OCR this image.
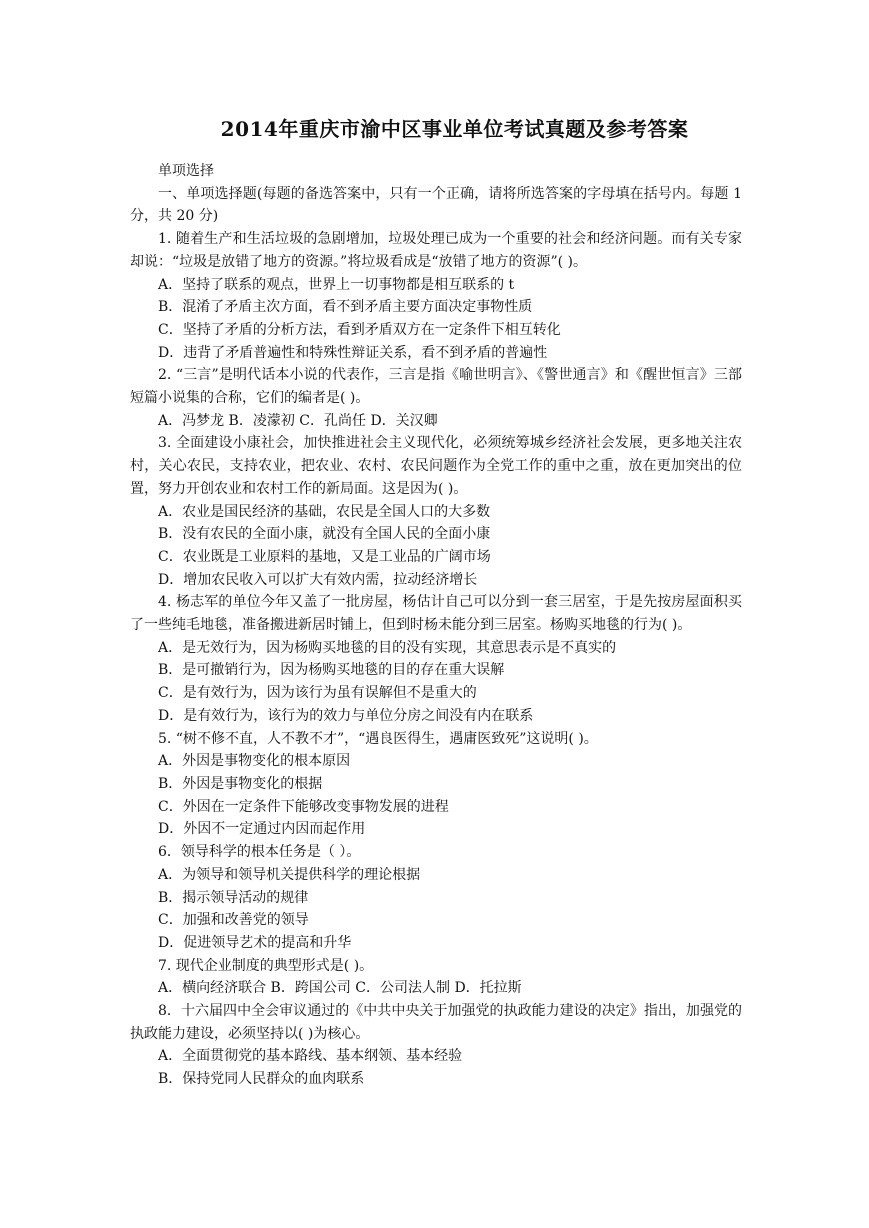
2014年重庆市渝中区事业单位考试真题及参考答案

单项选择

一、单项选择题(每题的备选答案中，只有一个正确，请将所选答案的字母填在括号内。每题 1 分，共 20 分)

1. 随着生产和生活垃圾的急剧增加，垃圾处理已成为一个重要的社会和经济问题。而有关专家却说：“垃圾是放错了地方的资源。”将垃圾看成是“放错了地方的资源”( )。

A．坚持了联系的观点，世界上一切事物都是相互联系的 t

B．混淆了矛盾主次方面，看不到矛盾主要方面决定事物性质

C．坚持了矛盾的分析方法，看到矛盾双方在一定条件下相互转化

D．违背了矛盾普遍性和特殊性辩证关系，看不到矛盾的普遍性

2. “三言”是明代话本小说的代表作，三言是指《喻世明言》、《警世通言》和《醒世恒言》三部短篇小说集的合称，它们的编者是( )。

A．冯梦龙 B．凌濛初 C．孔尚任 D．关汉卿

3. 全面建设小康社会，加快推进社会主义现代化，必须统筹城乡经济社会发展，更多地关注农村，关心农民，支持农业，把农业、农村、农民问题作为全党工作的重中之重，放在更加突出的位置，努力开创农业和农村工作的新局面。这是因为( )。

A．农业是国民经济的基础，农民是全国人口的大多数

B．没有农民的全面小康，就没有全国人民的全面小康

C．农业既是工业原料的基地，又是工业品的广阔市场

D．增加农民收入可以扩大有效内需，拉动经济增长

4. 杨志军的单位今年又盖了一批房屋，杨估计自己可以分到一套三居室，于是先按房屋面积买了一些纯毛地毯，准备搬进新居时铺上，但到时杨未能分到三居室。杨购买地毯的行为( )。

A．是无效行为，因为杨购买地毯的目的没有实现，其意思表示是不真实的

B．是可撤销行为，因为杨购买地毯的目的存在重大误解

C．是有效行为，因为该行为虽有误解但不是重大的

D．是有效行为，该行为的效力与单位分房之间没有内在联系

5. “树不修不直，人不教不才”，“遇良医得生，遇庸医致死”这说明( )。

A．外因是事物变化的根本原因

B．外因是事物变化的根据

C．外因在一定条件下能够改变事物发展的进程

D．外因不一定通过内因而起作用

6．领导科学的根本任务是（ ）。

A．为领导和领导机关提供科学的理论根据

B．揭示领导活动的规律

C．加强和改善党的领导

D．促进领导艺术的提高和升华

7. 现代企业制度的典型形式是( )。

A．横向经济联合 B．跨国公司 C．公司法人制 D．托拉斯

8．十六届四中全会审议通过的《中共中央关于加强党的执政能力建设的决定》指出，加强党的执政能力建设，必须坚持以( )为核心。

A．全面贯彻党的基本路线、基本纲领、基本经验

B．保持党同人民群众的血肉联系
